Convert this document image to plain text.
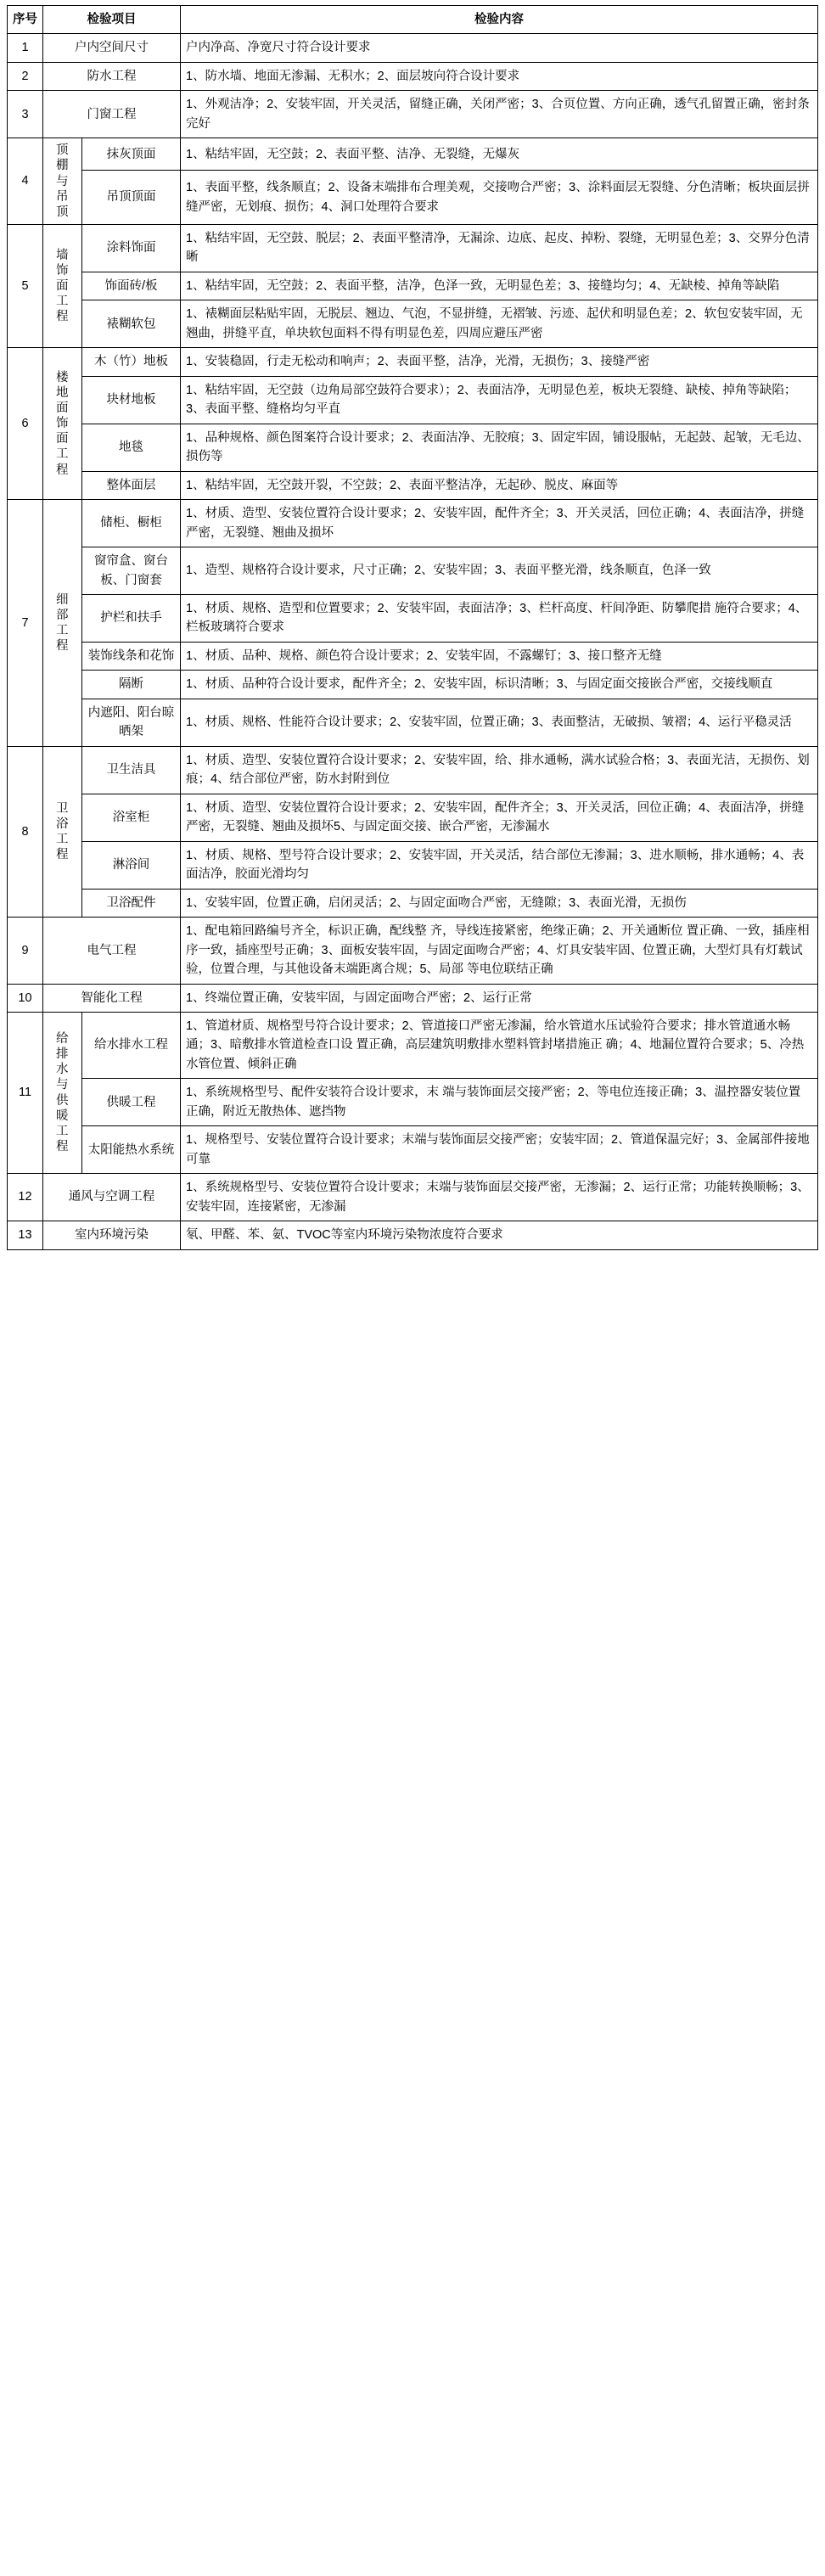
序号	检验项目		检验内容
1	户内空间尺寸		户内净高、净宽尺寸符合设计要求
2	防水工程		1、防水墙、地面无渗漏、无积水；2、面层坡向符合设计要求
3	门窗工程		1、外观洁净；2、安装牢固，开关灵活，留缝正确，关闭严密；3、合页位置、方向正确，透气孔留置正确，密封条完好
4	顶棚与吊顶	抹灰顶面	1、粘结牢固，无空鼓；2、表面平整、洁净、无裂缝，无爆灰
		吊顶顶面	1、表面平整，线条顺直；2、设备末端排布合理美观，交接吻合严密；3、涂料面层无裂缝、分色清晰；板块面层拼缝严密，无划痕、损伤；4、洞口处理符合要求
5	墙饰面工程	涂料饰面	1、粘结牢固，无空鼓、脱层；2、表面平整清净，无漏涂、边底、起皮、掉粉、裂缝，无明显色差；3、交界分色清晰
		饰面砖/板	1、粘结牢固，无空鼓；2、表面平整，洁净，色泽一致，无明显色差；3、接缝均匀；4、无缺棱、掉角等缺陷
		裱糊软包	1、裱糊面层粘贴牢固，无脱层、翘边、气泡，不显拼缝，无褶皱、污迹、起伏和明显色差；2、软包安装牢固，无翘曲，拼缝平直，单块软包面料不得有明显色差，四周应避压严密
6	楼地面饰面工程	木（竹）地板	1、安装稳固，行走无松动和响声；2、表面平整，洁净，光滑，无损伤；3、接缝严密
		块材地板	1、粘结牢固，无空鼓（边角局部空鼓符合要求）；2、表面洁净，无明显色差，板块无裂缝、缺棱、掉角等缺陷；3、表面平整、缝格均匀平直
		地毯	1、品种规格、颜色图案符合设计要求；2、表面洁净、无胶痕；3、固定牢固，铺设服帖，无起鼓、起皱，无毛边、损伤等
		整体面层	1、粘结牢固，无空鼓开裂，不空鼓；2、表面平整洁净，无起砂、脱皮、麻面等
7	细部工程	储柜、橱柜	1、材质、造型、安装位置符合设计要求；2、安装牢固，配件齐全；3、开关灵活，回位正确；4、表面洁净，拼缝严密，无裂缝、翘曲及损坏
		窗帘盒、窗台板、门窗套	1、造型、规格符合设计要求，尺寸正确；2、安装牢固；3、表面平整光滑，线条顺直，色泽一致
		护栏和扶手	1、材质、规格、造型和位置要求；2、安装牢固，表面洁净；3、栏杆高度、杆间净距、防攀爬措 施符合要求；4、栏板玻璃符合要求
		装饰线条和花饰	1、材质、品种、规格、颜色符合设计要求；2、安装牢固，不露螺钉；3、接口整齐无缝
		隔断	1、材质、品种符合设计要求，配件齐全；2、安装牢固，标识清晰；3、与固定面交接嵌合严密，交接线顺直
		内遮阳、阳台晾晒架	1、材质、规格、性能符合设计要求；2、安装牢固，位置正确；3、表面整洁，无破损、皱褶；4、运行平稳灵活
8	卫浴工程	卫生洁具	1、材质、造型、安装位置符合设计要求；2、安装牢固，给、排水通畅，满水试验合格；3、表面光洁，无损伤、划痕；4、结合部位严密，防水封附到位
		浴室柜	1、材质、造型、安装位置符合设计要求；2、安装牢固，配件齐全；3、开关灵活，回位正确；4、表面洁净，拼缝严密，无裂缝、翘曲及损坏5、与固定面交接、嵌合严密，无渗漏水
		淋浴间	1、材质、规格、型号符合设计要求；2、安装牢固，开关灵活，结合部位无渗漏；3、进水顺畅，排水通畅；4、表面洁净，胶面光滑均匀
		卫浴配件	1、安装牢固，位置正确，启闭灵活；2、与固定面吻合严密，无缝隙；3、表面光滑，无损伤
9	电气工程		1、配电箱回路编号齐全，标识正确，配线整 齐，导线连接紧密，绝缘正确；2、开关通断位 置正确、一致，插座相序一致，插座型号正确；3、面板安装牢固，与固定面吻合严密；4、灯具安装牢固、位置正确，大型灯具有灯载试验，位置合理，与其他设备末端距离合规；5、局部 等电位联结正确
10	智能化工程		1、终端位置正确，安装牢固，与固定面吻合严密；2、运行正常
11	给排水与供暖工程	给水排水工程	1、管道材质、规格型号符合设计要求；2、管道接口严密无渗漏，给水管道水压试验符合要求；排水管道通水畅通；3、暗敷排水管道检查口设 置正确，高层建筑明敷排水塑料管封堵措施正 确；4、地漏位置符合要求；5、冷热水管位置、倾斜正确
		供暖工程	1、系统规格型号、配件安装符合设计要求，末 端与装饰面层交接严密；2、等电位连接正确；3、温控器安装位置正确，附近无散热体、遮挡物
		太阳能热水系统	1、规格型号、安装位置符合设计要求；末端与装饰面层交接严密；安装牢固；2、管道保温完好；3、金属部件接地可靠
12	通风与空调工程		1、系统规格型号、安装位置符合设计要求；末端与装饰面层交接严密，无渗漏；2、运行正常；功能转换顺畅；3、安装牢固，连接紧密，无渗漏
13	室内环境污染		氡、甲醛、苯、氨、TVOC等室内环境污染物浓度符合要求
